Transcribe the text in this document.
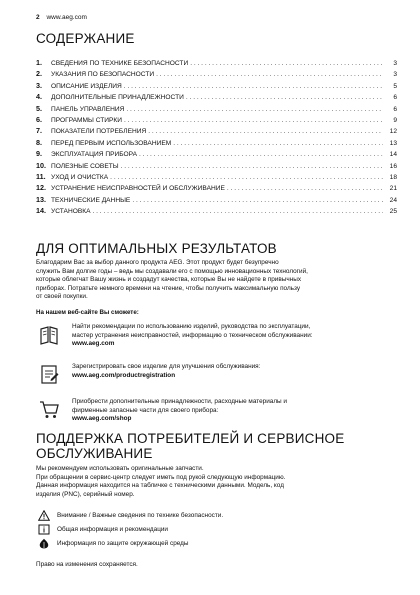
2 www.aeg.com
СОДЕРЖАНИЕ
1.	СВЕДЕНИЯ ПО ТЕХНИКЕ БЕЗОПАСНОСТИ . . .	3
2.	УКАЗАНИЯ ПО БЕЗОПАСНОСТИ . . .	3
3.	ОПИСАНИЕ ИЗДЕЛИЯ . . .	5
4.	ДОПОЛНИТЕЛЬНЫЕ ПРИНАДЛЕЖНОСТИ . . .	6
5.	ПАНЕЛЬ УПРАВЛЕНИЯ . . .	6
6.	ПРОГРАММЫ СТИРКИ . . .	9
7.	ПОКАЗАТЕЛИ ПОТРЕБЛЕНИЯ . . .	12
8.	ПЕРЕД ПЕРВЫМ ИСПОЛЬЗОВАНИЕМ . . .	13
9.	ЭКСПЛУАТАЦИЯ ПРИБОРА . . .	14
10. ПОЛЕЗНЫЕ СОВЕТЫ . . .	16
11. УХОД И ОЧИСТКА . . .	18
12. УСТРАНЕНИЕ НЕИСПРАВНОСТЕЙ И ОБСЛУЖИВАНИЕ . . .	21
13. ТЕХНИЧЕСКИЕ ДАННЫЕ . . .	24
14. УСТАНОВКА . . .	25
ДЛЯ ОПТИМАЛЬНЫХ РЕЗУЛЬТАТОВ
Благодарим Вас за выбор данного продукта AEG. Этот продукт будет безупречно
служить Вам долгие годы – ведь мы создавали его с помощью инновационных технологий,
которые облегчат Вашу жизнь и создадут качества, которые Вы не найдете в привычных
приборах. Потратьте немного времени на чтение, чтобы получить максимальную пользу
от своей покупки.
На нашем веб-сайте Вы сможете:
Найти рекомендации по использованию изделий, руководства по эксплуатации,
мастер устранения неисправностей, информацию о техническом обслуживании:
www.aeg.com
Зарегистрировать свое изделие для улучшения обслуживания:
www.aeg.com/productregistration
Приобрести дополнительные принадлежности, расходные материалы и
фирменные запасные части для своего прибора:
www.aeg.com/shop
ПОДДЕРЖКА ПОТРЕБИТЕЛЕЙ И СЕРВИСНОЕ
ОБСЛУЖИВАНИЕ
Мы рекомендуем использовать оригинальные запчасти.
При обращении в сервис-центр следует иметь под рукой следующую информацию.
Данная информация находится на табличке с техническими данными. Модель, код
изделия (PNC), серийный номер.
Внимание / Важные сведения по технике безопасности.
Общая информация и рекомендации
Информация по защите окружающей среды
Право на изменения сохраняется.
